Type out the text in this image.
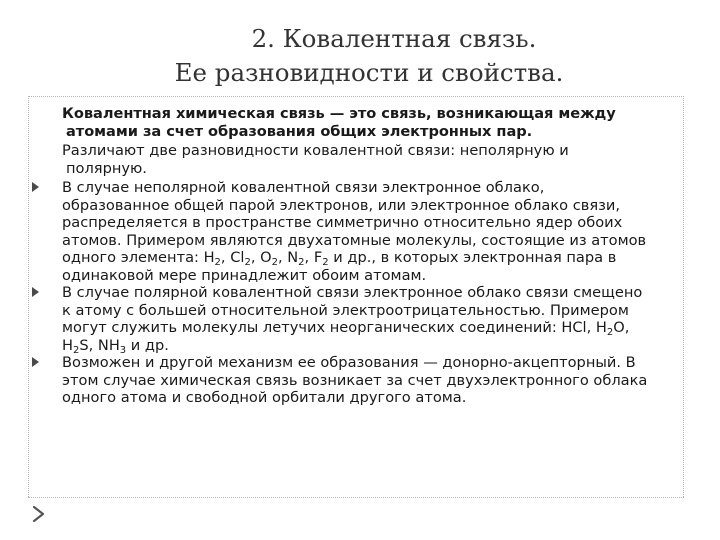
2. Ковалентная связь.
Ее разновидности и свойства.
Ковалентная химическая связь — это связь, возникающая между
атомами за счет образования общих электронных пар.
Различают две разновидности ковалентной связи: неполярную и
полярную.
В случае неполярной ковалентной связи электронное облако,
образованное общей парой электронов, или электронное облако связи,
распределяется в пространстве симметрично относительно ядер обоих
атомов. Примером являются двухатомные молекулы, состоящие из атомов
одного элемента: $H_2$, $Cl_2$, $O_2$, $N_2$, $F_2$ и др., в которых электронная пара в
одинаковой мере принадлежит обоим атомам.
В случае полярной ковалентной связи электронное облако связи смещено
к атому с большей относительной электроотрицательностью. Примером
могут служить молекулы летучих неорганических соединений: HCl, $H_2O$,
$H_2S$, $NH_3$ и др.
Возможен и другой механизм ее образования — донорно-акцепторный. В
этом случае химическая связь возникает за счет двухэлектронного облака
одного атома и свободной орбитали другого атома.
